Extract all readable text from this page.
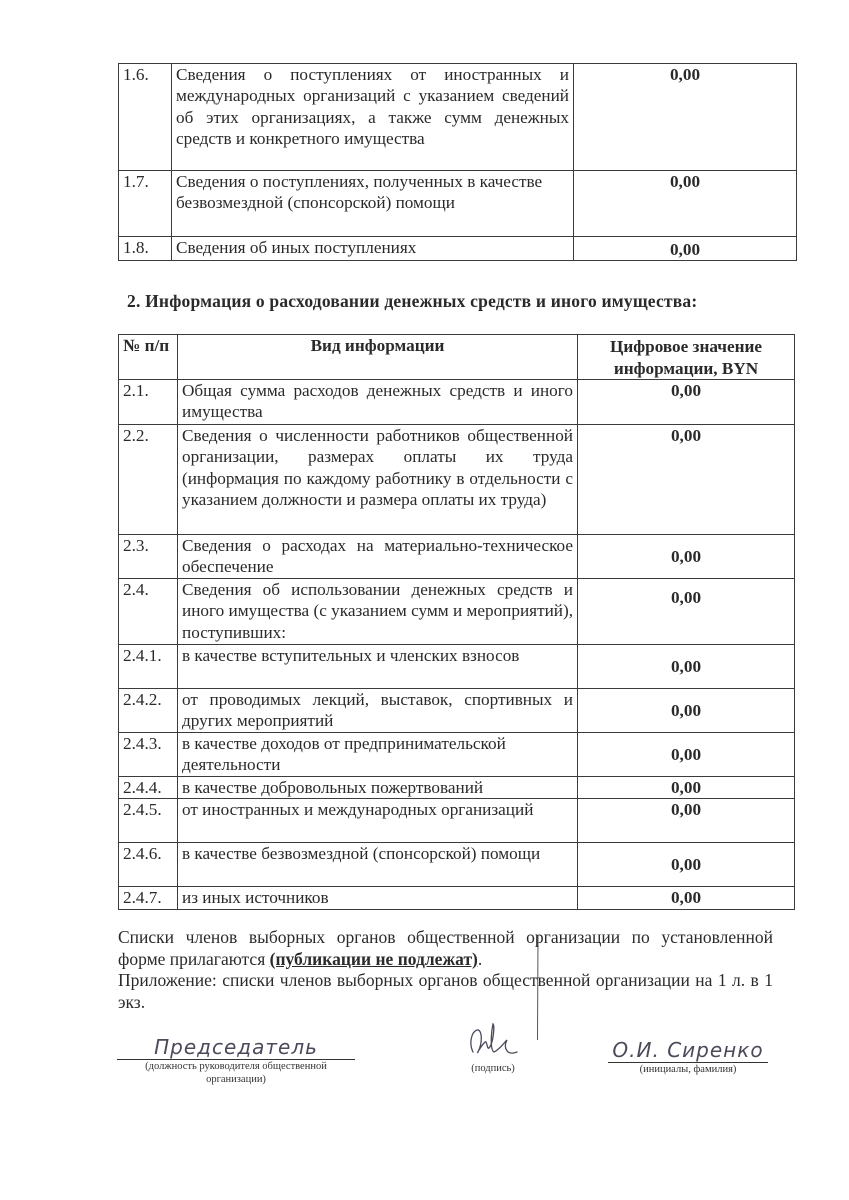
1.6.	Сведения о поступлениях от иностранных и международных организаций с указанием сведений об этих организациях, а также сумм денежных средств и конкретного имущества	0,00
1.7.	Сведения о поступлениях, полученных в качестве безвозмездной (спонсорской) помощи	0,00
1.8.	Сведения об иных поступлениях	0,00
2. Информация о расходовании денежных средств и иного имущества:
№ п/п	Вид информации	Цифровое значение информации, BYN
2.1.	Общая сумма расходов денежных средств и иного имущества	0,00
2.2.	Сведения о численности работников общественной организации, размерах оплаты их труда (информация по каждому работнику в отдельности с указанием должности и размера оплаты их труда)	0,00
2.3.	Сведения о расходах на материально-техническое обеспечение	0,00
2.4.	Сведения об использовании денежных средств и иного имущества (с указанием сумм и мероприятий), поступивших:	0,00
2.4.1.	в качестве вступительных и членских взносов	0,00
2.4.2.	от проводимых лекций, выставок, спортивных и других мероприятий	0,00
2.4.3.	в качестве доходов от предпринимательской деятельности	0,00
2.4.4.	в качестве добровольных пожертвований	0,00
2.4.5.	от иностранных и международных организаций	0,00
2.4.6.	в качестве безвозмездной (спонсорской) помощи	0,00
2.4.7.	из иных источников	0,00

Списки членов выборных органов общественной организации по установленной форме прилагаются (публикации не подлежат).

Приложение: списки членов выборных органов общественной организации на 1 л. в 1 экз.

Председатель
(должность руководителя общественной организации)
(подпись)
О.И. Сиренко
(инициалы, фамилия)
